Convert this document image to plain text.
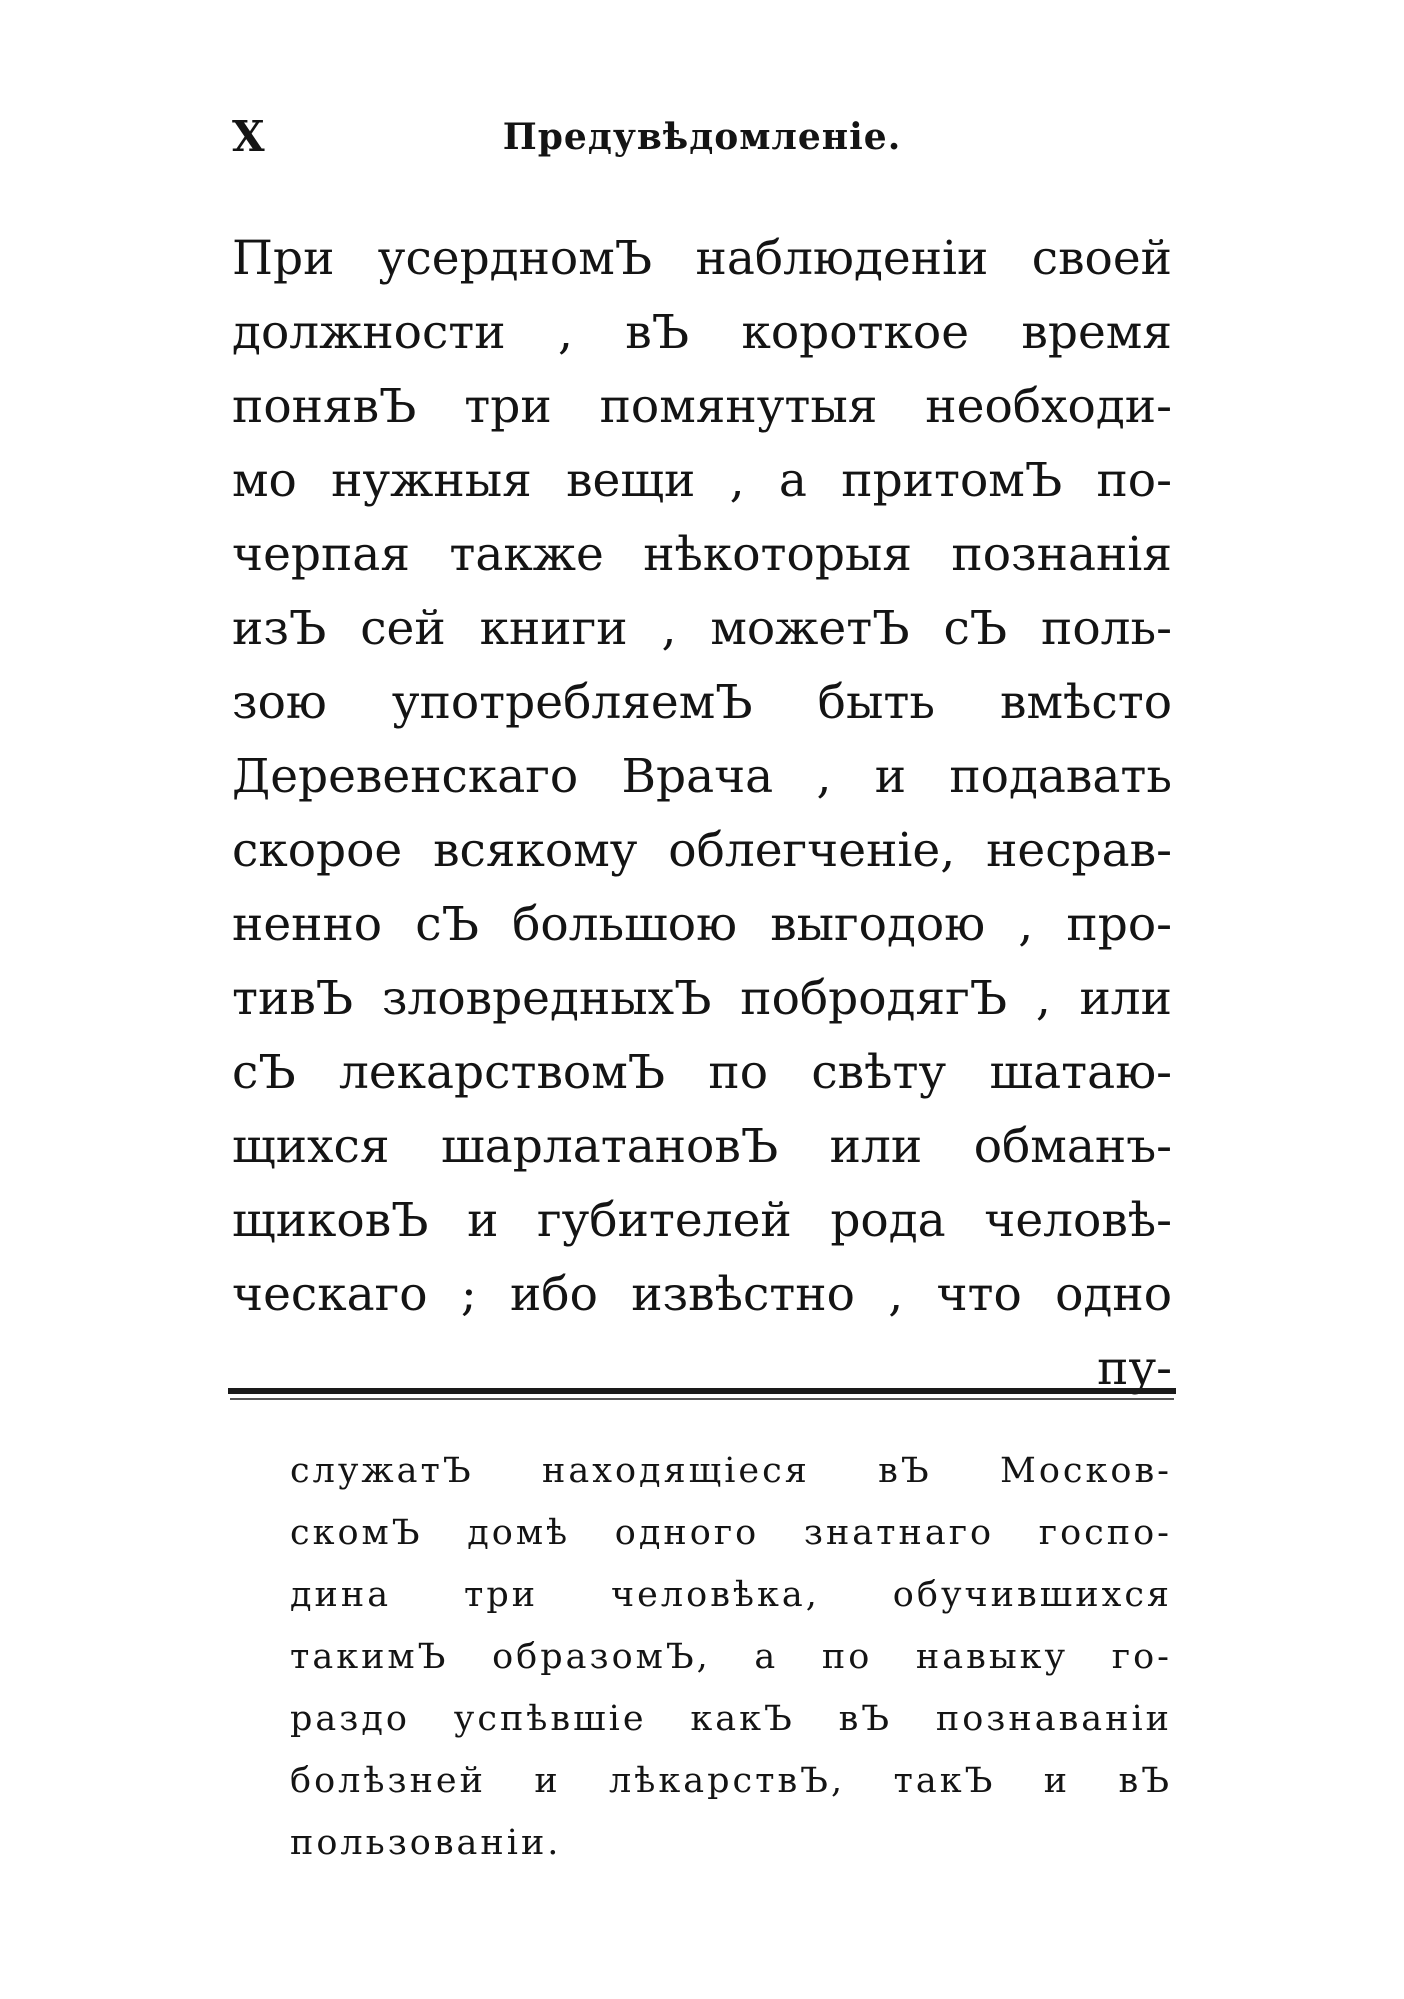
X	Предувѣдомленіе.
При усердномЪ наблюденіи своей
должности , вЪ короткое время
понявЪ три помянутыя необходи-
мо нужныя вещи , а притомЪ по-
черпая также нѣкоторыя познанія
изЪ сей книги , можетЪ сЪ поль-
зою употребляемЪ быть вмѣсто
Деревенскаго Врача , и подавать
скорое всякому облегченіе, несрав-
ненно сЪ большою выгодою , про-
тивЪ зловредныхЪ побродягЪ , или
сЪ лекарствомЪ по свѣту шатаю-
щихся шарлатановЪ или обманъ-
щиковЪ и губителей рода человѣ-
ческаго ; ибо извѣстно , что одно
пу-
служатЪ находящіеся вЪ Москов-
скомЪ домѣ одного знатнаго госпо-
дина три человѣка, обучившихся
такимЪ образомЪ, а по навыку го-
раздо успѣвшіе какЪ вЪ познаваніи
болѣзней и лѣкарствЪ, такЪ и вЪ
пользованіи.
